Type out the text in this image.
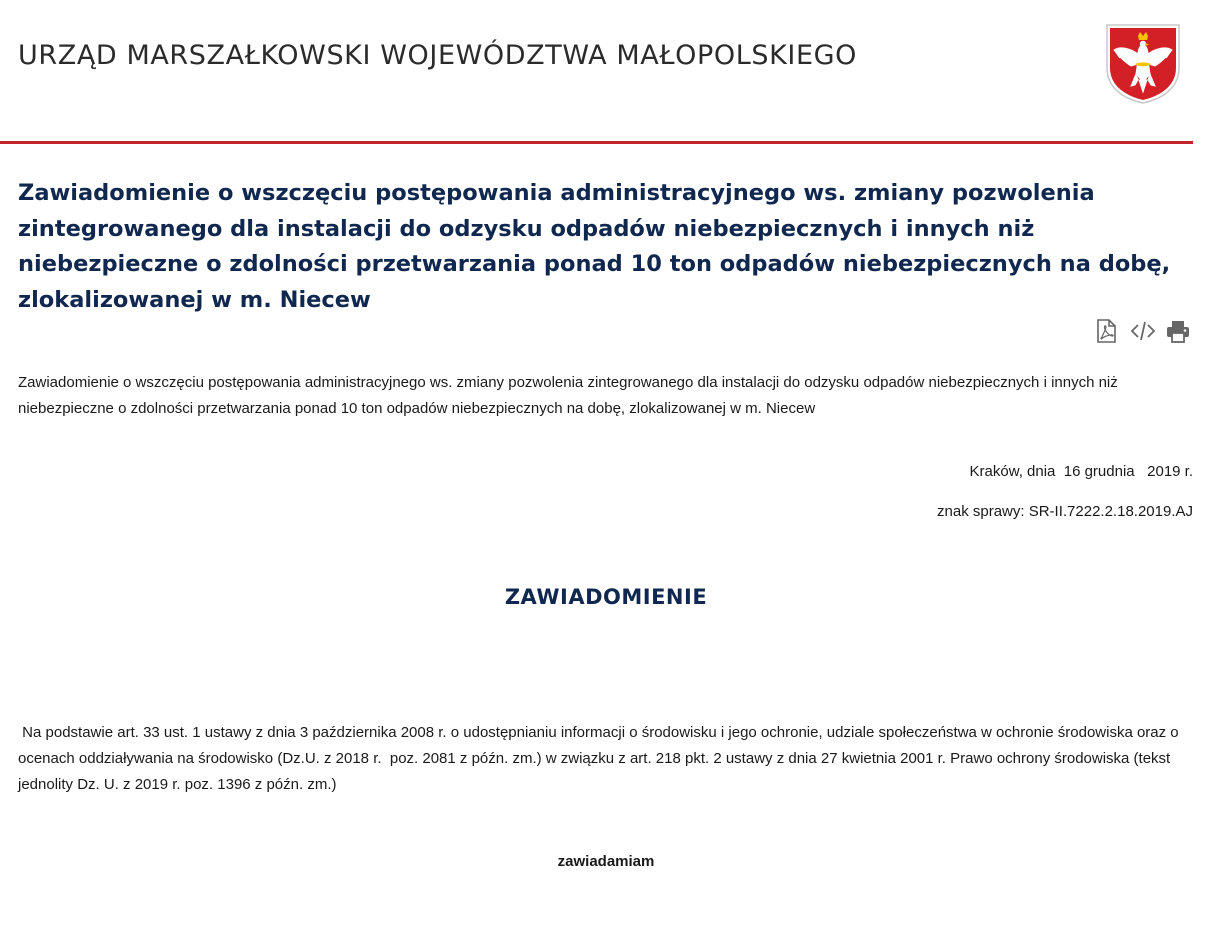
URZĄD MARSZAŁKOWSKI WOJEWÓDZTWA MAŁOPOLSKIEGO
Zawiadomienie o wszczęciu postępowania administracyjnego ws. zmiany pozwolenia zintegrowanego dla instalacji do odzysku odpadów niebezpiecznych i innych niż niebezpieczne o zdolności przetwarzania ponad 10 ton odpadów niebezpiecznych na dobę, zlokalizowanej w m. Niecew

Zawiadomienie o wszczęciu postępowania administracyjnego ws. zmiany pozwolenia zintegrowanego dla instalacji do odzysku odpadów niebezpiecznych i innych niż niebezpieczne o zdolności przetwarzania ponad 10 ton odpadów niebezpiecznych na dobę, zlokalizowanej w m. Niecew

Kraków, dnia  16 grudnia   2019 r.
znak sprawy: SR-II.7222.2.18.2019.AJ
ZAWIADOMIENIE

Na podstawie art. 33 ust. 1 ustawy z dnia 3 października 2008 r. o udostępnianiu informacji o środowisku i jego ochronie, udziale społeczeństwa w ochronie środowiska oraz o ocenach oddziaływania na środowisko (Dz.U. z 2018 r.  poz. 2081 z późn. zm.) w związku z art. 218 pkt. 2 ustawy z dnia 27 kwietnia 2001 r. Prawo ochrony środowiska (tekst jednolity Dz. U. z 2019 r. poz. 1396 z późn. zm.)

zawiadamiam
